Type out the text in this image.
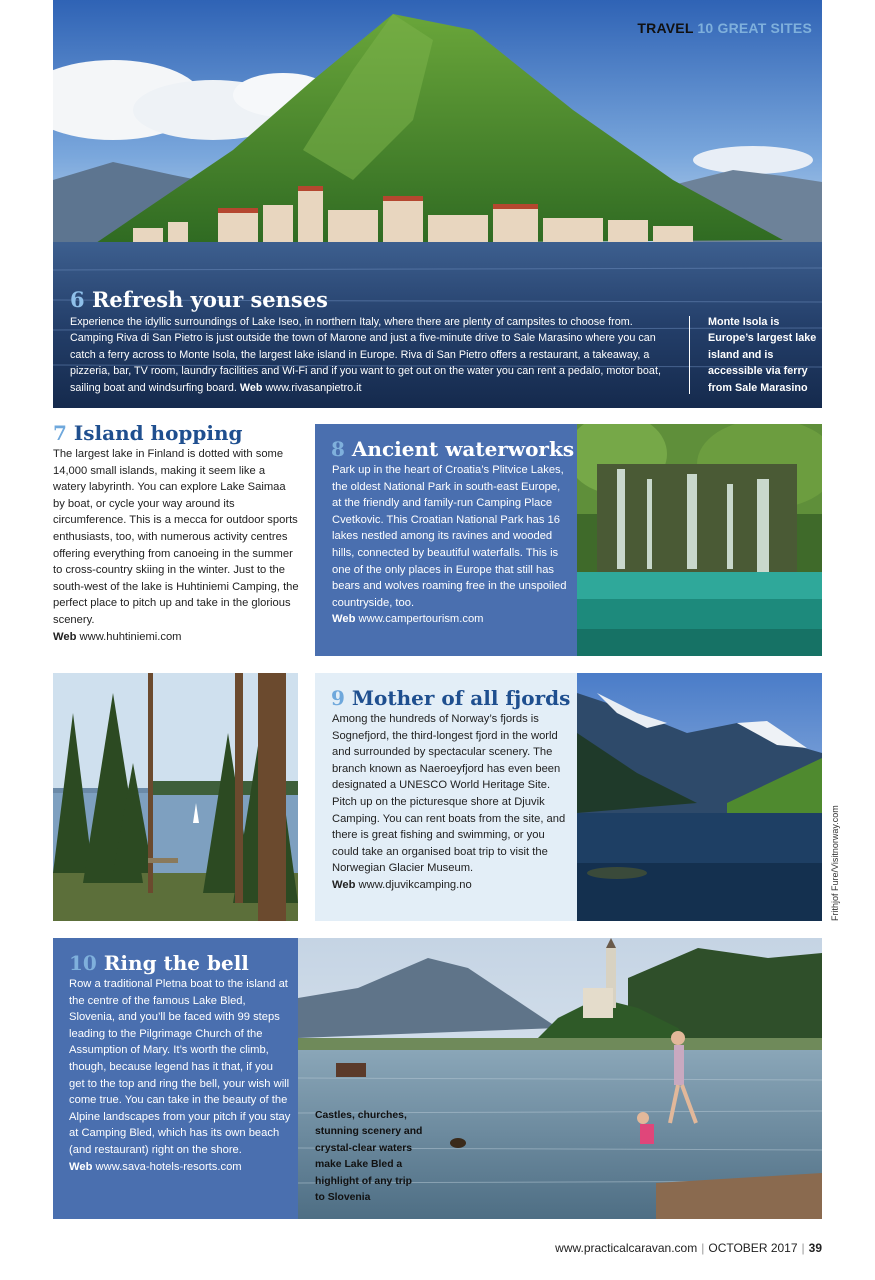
TRAVEL 10 GREAT SITES
6 Refresh your senses
Experience the idyllic surroundings of Lake Iseo, in northern Italy, where there are plenty of campsites to choose from. Camping Riva di San Pietro is just outside the town of Marone and just a five-minute drive to Sale Marasino where you can catch a ferry across to Monte Isola, the largest lake island in Europe. Riva di San Pietro offers a restaurant, a takeaway, a pizzeria, bar, TV room, laundry facilities and Wi-Fi and if you want to get out on the water you can rent a pedalo, motor boat, sailing boat and windsurfing board. Web www.rivasanpietro.it
Monte Isola is Europe’s largest lake island and is accessible via ferry from Sale Marasino
7 Island hopping
The largest lake in Finland is dotted with some 14,000 small islands, making it seem like a watery labyrinth. You can explore Lake Saimaa by boat, or cycle your way around its circumference. This is a mecca for outdoor sports enthusiasts, too, with numerous activity centres offering everything from canoeing in the summer to cross-country skiing in the winter. Just to the south-west of the lake is Huhtiniemi Camping, the perfect place to pitch up and take in the glorious scenery.
Web www.huhtiniemi.com
8 Ancient waterworks
Park up in the heart of Croatia’s Plitvice Lakes, the oldest National Park in south-east Europe, at the friendly and family-run Camping Place Cvetkovic. This Croatian National Park has 16 lakes nestled among its ravines and wooded hills, connected by beautiful waterfalls. This is one of the only places in Europe that still has bears and wolves roaming free in the unspoiled countryside, too.
Web www.campertourism.com
9 Mother of all fjords
Among the hundreds of Norway’s fjords is Sognefjord, the third-longest fjord in the world and surrounded by spectacular scenery. The branch known as Naeroeyfjord has even been designated a UNESCO World Heritage Site. Pitch up on the picturesque shore at Djuvik Camping. You can rent boats from the site, and there is great fishing and swimming, or you could take an organised boat trip to visit the Norwegian Glacier Museum.
Web www.djuvikcamping.no	Frithjof Fure/Visitnorway.com
10 Ring the bell
Row a traditional Pletna boat to the island at the centre of the famous Lake Bled, Slovenia, and you’ll be faced with 99 steps leading to the Pilgrimage Church of the Assumption of Mary. It’s worth the climb, though, because legend has it that, if you get to the top and ring the bell, your wish will come true. You can take in the beauty of the Alpine landscapes from your pitch if you stay at Camping Bled, which has its own beach (and restaurant) right on the shore.
Web www.sava-hotels-resorts.com
Castles, churches, stunning scenery and crystal-clear waters make Lake Bled a highlight of any trip to Slovenia
www.practicalcaravan.com | OCTOBER 2017 | 39
